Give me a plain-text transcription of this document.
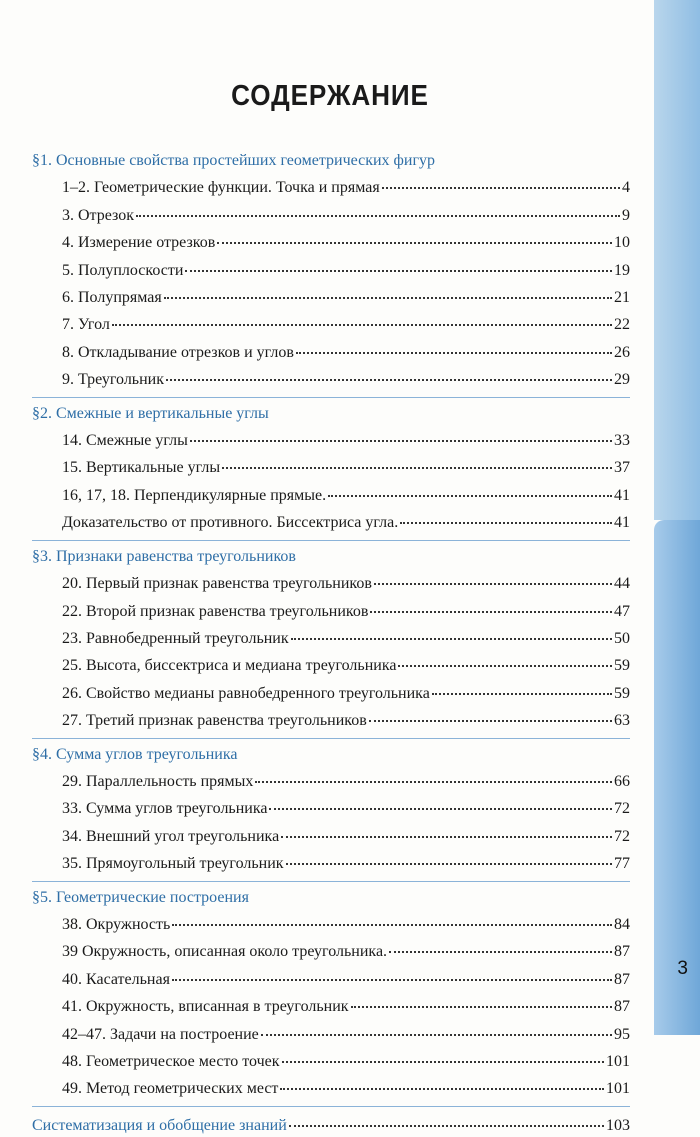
3
СОДЕРЖАНИЕ
§1. Основные свойства простейших геометрических фигур
1–2. Геометрические функции. Точка и прямая	4
3. Отрезок	9
4. Измерение отрезков	10
5. Полуплоскости	19
6. Полупрямая	21
7. Угол	22
8. Откладывание отрезков и углов	26
9. Треугольник	29
§2. Смежные и вертикальные углы
14. Смежные углы	33
15. Вертикальные углы	37
16, 17, 18. Перпендикулярные прямые.	41
Доказательство от противного. Биссектриса угла.	41
§3. Признаки равенства треугольников
20. Первый признак равенства треугольников	44
22. Второй признак равенства треугольников	47
23. Равнобедренный треугольник	50
25. Высота, биссектриса и медиана треугольника	59
26. Свойство медианы равнобедренного треугольника	59
27. Третий признак равенства треугольников	63
§4. Сумма углов треугольника
29. Параллельность прямых	66
33. Сумма углов треугольника	72
34. Внешний угол треугольника	72
35. Прямоугольный треугольник	77
§5. Геометрические построения
38. Окружность	84
39 Окружность, описанная около треугольника.	87
40. Касательная	87
41. Окружность, вписанная в треугольник	87
42–47. Задачи на построение	95
48. Геометрическое место точек	101
49. Метод геометрических мест	101
Систематизация и обобщение знаний	103
